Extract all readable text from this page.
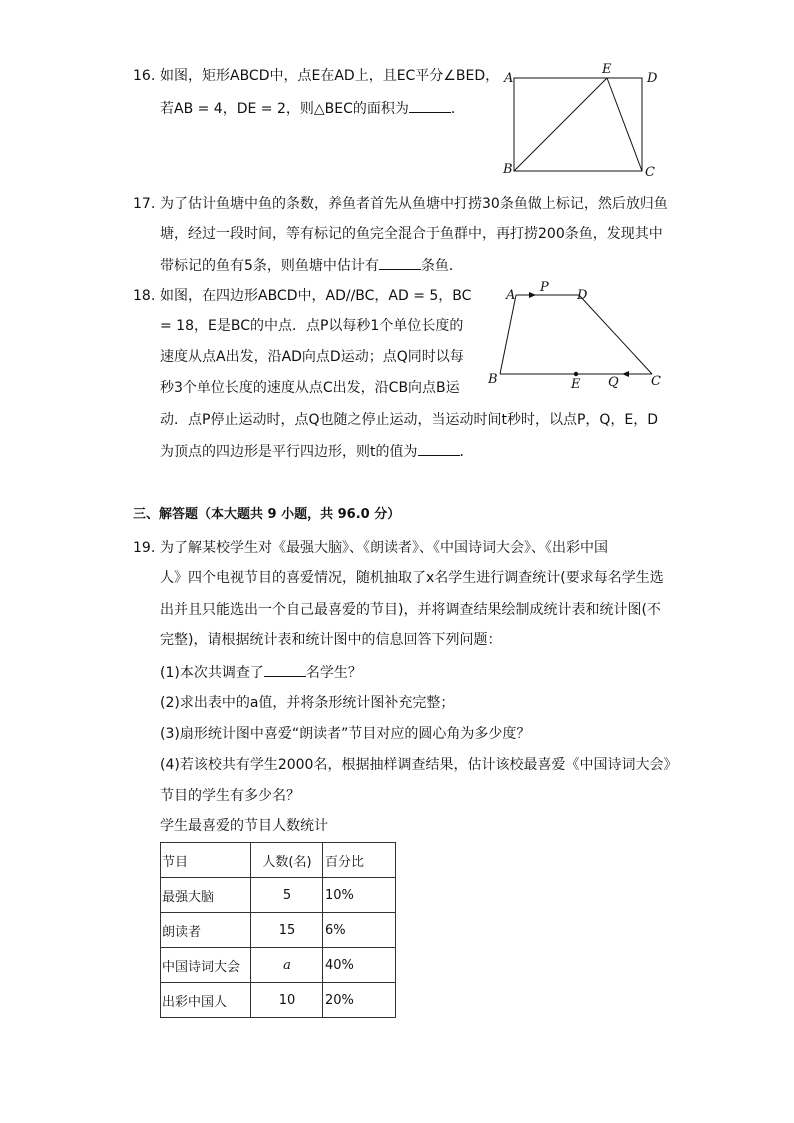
16. 如图，矩形ABCD中，点E在AD上，且EC平分∠BED，
若AB = 4，DE = 2，则△BEC的面积为	．
A
E
D
B	C
17. 为了估计鱼塘中鱼的条数，养鱼者首先从鱼塘中打捞30条鱼做上标记，然后放归鱼
塘，经过一段时间，等有标记的鱼完全混合于鱼群中，再打捞200条鱼，发现其中
带标记的鱼有5条，则鱼塘中估计有	条鱼．
18. 如图，在四边形ABCD中，AD//BC，AD = 5，BC
= 18，E是BC的中点．点P以每秒1个单位长度的
速度从点A出发，沿AD向点D运动；点Q同时以每
秒3个单位长度的速度从点C出发，沿CB向点B运
动．点P停止运动时，点Q也随之停止运动，当运动时间t秒时，以点P，Q，E，D
为顶点的四边形是平行四边形，则t的值为	．
A
P
D
B	E Q C
三、解答题（本大题共 9 小题，共 96.0 分）
19. 为了解某校学生对《最强大脑》、《朗读者》、《中国诗词大会》、《出彩中国
人》四个电视节目的喜爱情况，随机抽取了x名学生进行调查统计(要求每名学生选
出并且只能选出一个自己最喜爱的节目)，并将调查结果绘制成统计表和统计图(不
完整)，请根据统计表和统计图中的信息回答下列问题：
(1)本次共调查了	名学生？
(2)求出表中的a值，并将条形统计图补充完整；
(3)扇形统计图中喜爱“朗读者”节目对应的圆心角为多少度？
(4)若该校共有学生2000名，根据抽样调查结果，估计该校最喜爱《中国诗词大会》
节目的学生有多少名？
学生最喜爱的节目人数统计
节目	人数(名)	百分比
最强大脑	5	10%
朗读者	15	6%
中国诗词大会	a	40%
出彩中国人	10	20%
